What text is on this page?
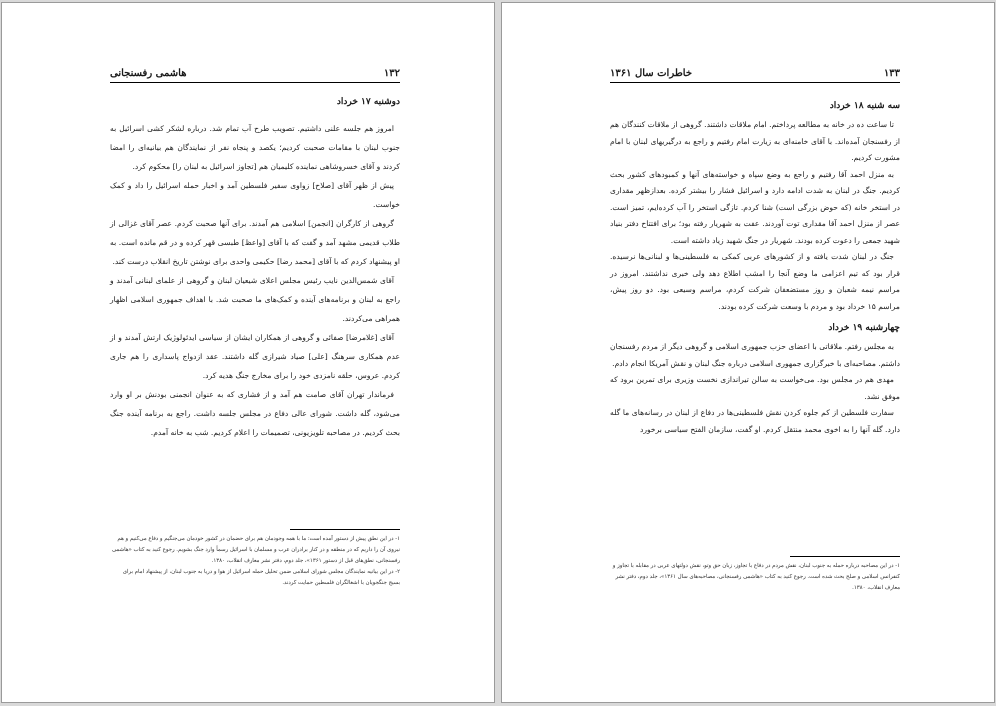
۱۳۲
هاشمی رفسنجانی
دوشنبه ۱۷ خرداد

امروز هم جلسه علنی داشتیم. تصویب طرح آب تمام شد. درباره لشکر کشی اسرائیل به جنوب لبنان با مقامات صحبت کردیم؛ یکصد و پنجاه نفر از نمایندگان هم بیانیه‌ای را امضا کردند و آقای خسروشاهی نماینده کلیمیان هم [تجاوز اسرائیل به لبنان را] محکوم کرد.

پیش از ظهر آقای [صلاح] زواوی سفیر فلسطین آمد و اخبار حمله اسرائیل را داد و کمک خواست.

گروهی از کارگران [انجمن] اسلامی هم آمدند. برای آنها صحبت کردم. عصر آقای غزالی از طلاب قدیمی مشهد آمد و گفت که با آقای [واعظ] طبسی قهر کرده و در قم مانده است. به او پیشنهاد کردم که با آقای [محمد رضا] حکیمی واحدی برای نوشتن تاریخ انقلاب درست کند.

آقای شمس‌الدین نایب رئیس مجلس اعلای شیعیان لبنان و گروهی از علمای لبنانی آمدند و راجع به لبنان و برنامه‌های آینده و کمک‌های ما صحبت شد. با اهداف جمهوری اسلامی اظهار همراهی می‌کردند.

آقای [غلامرضا] صفائی و گروهی از همکاران ایشان از سیاسی ایدئولوژیک ارتش آمدند و از عدم همکاری سرهنگ [علی] صیاد شیرازی گله داشتند. عقد ازدواج پاسداری را هم جاری کردم. عروس، حلقه نامزدی خود را برای مخارج جنگ هدیه کرد.

فرماندار تهران آقای صامت هم آمد و از فشاری که به عنوان انجمنی بودنش بر او وارد می‌شود، گله داشت. شورای عالی دفاع در مجلس جلسه داشت. راجع به برنامه آینده جنگ بحث کردیم. در مصاحبه تلویزیونی، تصمیمات را اعلام کردیم. شب به خانه آمدم.

۱- در این نطق پیش از دستور آمده است: ما با همه وجودمان هم برای حضمان در کشور خودمان می‌جنگیم و دفاع می‌کنیم و هم نیروی آن را داریم که در منطقه و در کنار برادران عرب و مسلمان با اسرائیل رسماً وارد جنگ بشویم. رجوع کنید به کتاب «هاشمی رفسنجانی، نطق‌های قبل از دستور ۱۳۶۱»، جلد دوم، دفتر نشر معارف انقلاب، ۱۳۸۰.

۲- در این بیانیه نمایندگان مجلس شورای اسلامی ضمن تحلیل حمله اسرائیل از هوا و دریا به جنوب لبنان، از پیشنهاد امام برای بسیج جنگجویان با اشغالگران فلسطین حمایت کردند.

۱۳۳
خاطرات سال ۱۳۶۱
سه شنبه ۱۸ خرداد

تا ساعت ده در خانه به مطالعه پرداختم. امام ملاقات داشتند. گروهی از ملاقات کنندگان هم از رفسنجان آمده‌اند. با آقای خامنه‌ای به زیارت امام رفتیم و راجع به درگیریهای لبنان با امام مشورت کردیم.

به منزل احمد آقا رفتیم و راجع به وضع سپاه و خواسته‌های آنها و کمبودهای کشور بحث کردیم. جنگ در لبنان به شدت ادامه دارد و اسرائیل فشار را بیشتر کرده. بعدازظهر مقداری در استخر خانه (که حوض بزرگی است) شنا کردم. تازگی استخر را آب کرده‌ایم، تمیز است. عصر از منزل احمد آقا مقداری توت آوردند. عفت به شهریار رفته بود؛ برای افتتاح دفتر بنیاد شهید جمعی را دعوت کرده بودند. شهریار در جنگ شهید زیاد داشته است.

جنگ در لبنان شدت یافته و از کشورهای عربی کمکی به فلسطینی‌ها و لبنانی‌ها نرسیده. قرار بود که تیم اعزامی ما وضع آنجا را امشب اطلاع دهد ولی خبری نداشتند. امروز در مراسم نیمه شعبان و روز مستضعفان شرکت کردم، مراسم وسیعی بود. دو روز پیش، مراسم ۱۵ خرداد بود و مردم با وسعت شرکت کرده بودند.

چهارشنبه ۱۹ خرداد

به مجلس رفتم. ملاقاتی با اعضای حزب جمهوری اسلامی و گروهی دیگر از مردم رفسنجان داشتم. مصاحبه‌ای با خبرگزاری جمهوری اسلامی درباره جنگ لبنان و نقش آمریکا انجام دادم.

مهدی هم در مجلس بود. می‌خواست به سالن تیراندازی نخست وزیری برای تمرین برود که موفق نشد.

سفارت فلسطین از کم جلوه کردن نقش فلسطینی‌ها در دفاع از لبنان در رسانه‌های ما گله دارد. گله آنها را به اخوی محمد منتقل کردم. او گفت، سازمان الفتح سیاسی برخورد

۱- در این مصاحبه درباره حمله به جنوب لبنان، نقش مردم در دفاع با تجاوز، زبان حق وتو، نقش دولتهای عربی در مقابله با تجاوز و کنفرانس اسلامی و صلح بحث شده است. رجوع کنید به کتاب «هاشمی رفسنجانی، مصاحبه‌های سال ۱۳۶۱»، جلد دوم، دفتر نشر معارف انقلاب، ۱۳۸۰.
